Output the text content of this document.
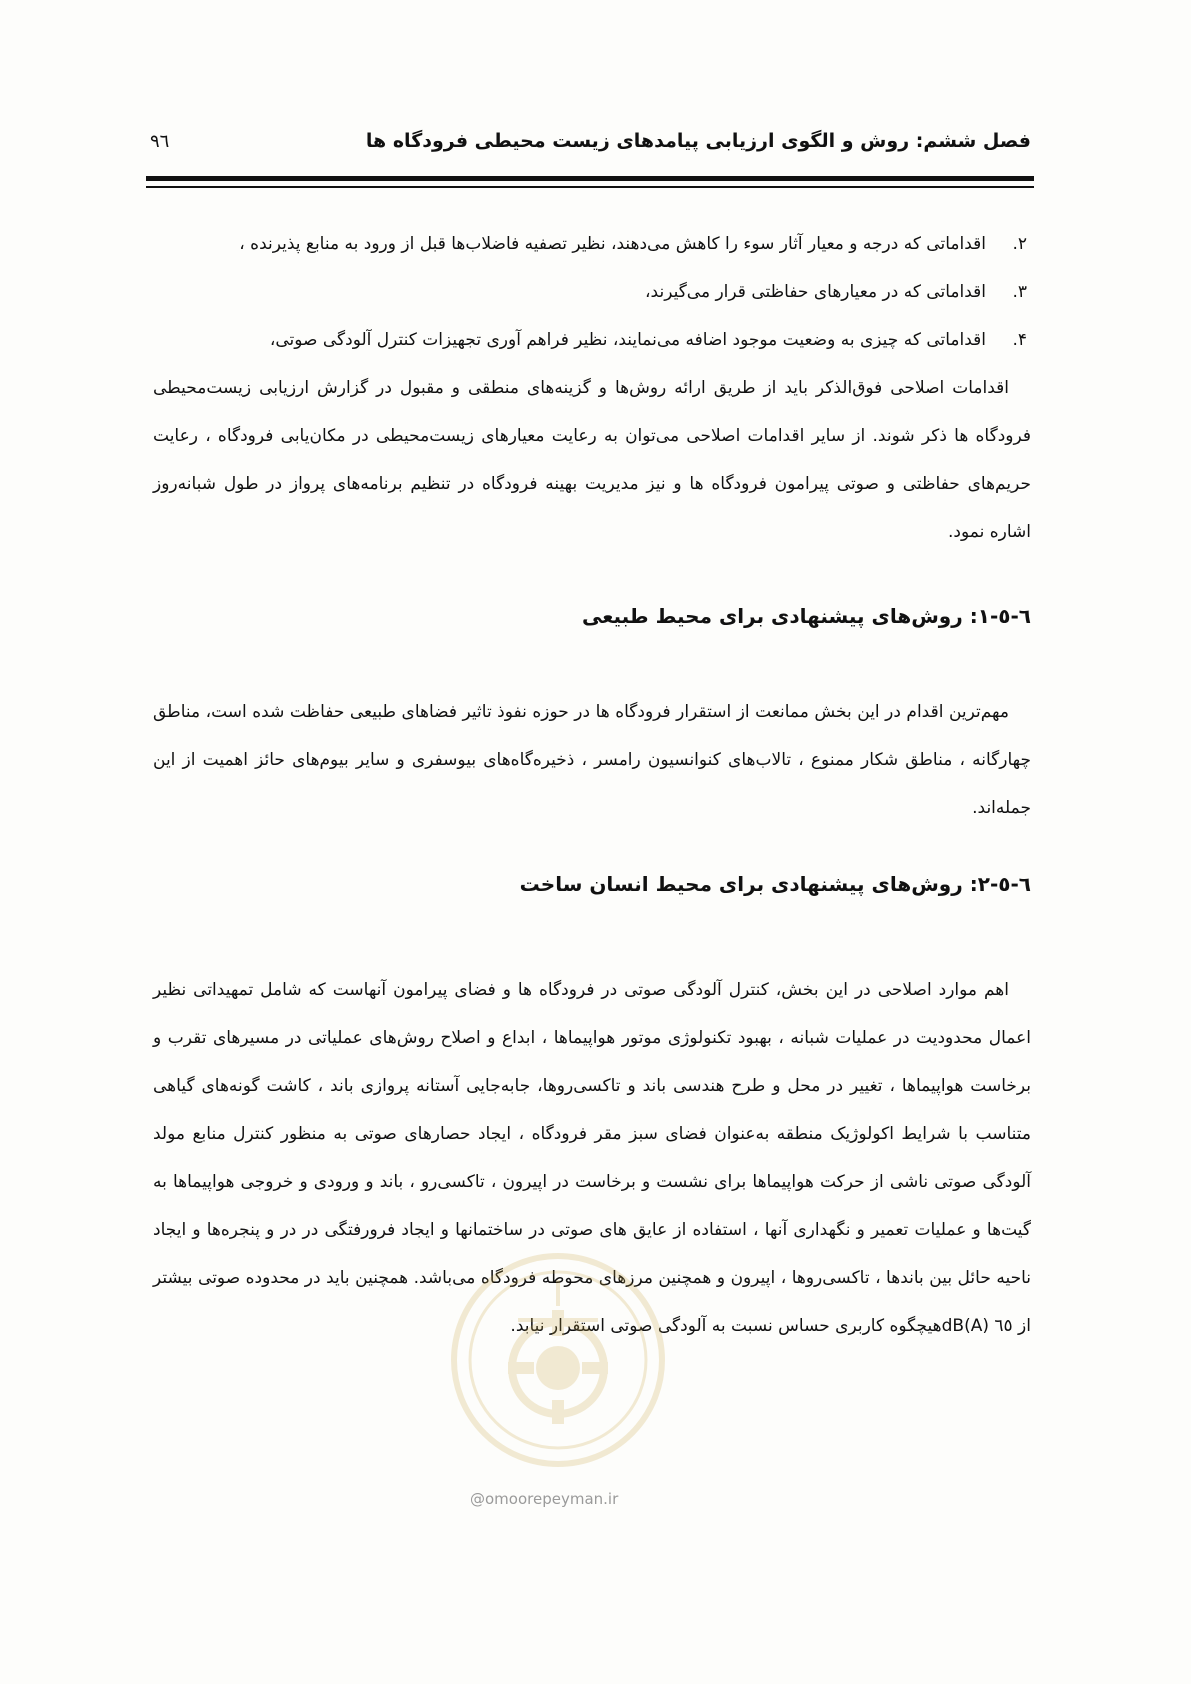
فصل ششم: روش و الگوی ارزیابی پیامدهای زیست محیطی فرودگاه ها
۹٦
۲.
اقداماتی که درجه و معیار آثار سوء را کاهش می‌دهند، نظیر تصفیه فاضلاب‌ها قبل از ورود به منابع پذیرنده ،
۳.
اقداماتی که در معیارهای حفاظتی قرار می‌گیرند،
۴.
اقداماتی که چیزی به وضعیت موجود اضافه می‌نمایند، نظیر فراهم آوری تجهیزات کنترل آلودگی صوتی،

اقدامات اصلاحی فوق‌الذکر باید از طریق ارائه روش‌ها و گزینه‌های منطقی و مقبول در گزارش ارزیابی زیست‌محیطی فرودگاه ها ذکر شوند. از سایر اقدامات اصلاحی می‌توان به رعایت معیارهای زیست‌محیطی در مکان‌یابی فرودگاه ، رعایت حریم‌های حفاظتی و صوتی پیرامون فرودگاه ها و نیز مدیریت بهینه فرودگاه در تنظیم برنامه‌های پرواز در طول شبانه‌روز اشاره نمود.

٦-٥-١: روش‌های پیشنهادی برای محیط طبیعی

مهم‌ترین اقدام در این بخش ممانعت از استقرار فرودگاه ها در حوزه نفوذ تاثیر فضاهای طبیعی حفاظت شده است، مناطق چهارگانه ، مناطق شکار ممنوع ، تالاب‌های کنوانسیون رامسر ، ذخیره‌گاه‌های بیوسفری و سایر بیوم‌های حائز اهمیت از این جمله‌اند.

٦-٥-٢: روش‌های پیشنهادی برای محیط انسان ساخت

اهم موارد اصلاحی در این بخش، کنترل آلودگی صوتی در فرودگاه ها و فضای پیرامون آنهاست که شامل تمهیداتی نظیر اعمال محدودیت در عملیات شبانه ، بهبود تکنولوژی موتور هواپیماها ، ابداع و اصلاح روش‌های عملیاتی در مسیرهای تقرب و برخاست هواپیماها ، تغییر در محل و طرح هندسی باند و تاکسی‌روها، جابه‌جایی آستانه پروازی باند ، کاشت گونه‌های گیاهی متناسب با شرایط اکولوژیک منطقه به‌عنوان فضای سبز مقر فرودگاه ، ایجاد حصارهای صوتی به منظور کنترل منابع مولد آلودگی صوتی ناشی از حرکت هواپیماها برای نشست و برخاست در اپیرون ، تاکسی‌رو ، باند و ورودی و خروجی هواپیماها به گیت‌ها و عملیات تعمیر و نگهداری آنها ، استفاده از عایق های صوتی در ساختمانها و ایجاد فرورفتگی در در و پنجره‌ها و ایجاد ناحیه حائل بین باندها ، تاکسی‌روها ، اپیرون و همچنین مرزهای محوطه فرودگاه می‌باشد. همچنین باید در محدوده صوتی بیشتر از ٦٥ dB(A)هیچگوه کاربری حساس نسبت به آلودگی صوتی استقرار نیابد.

@omoorepeyman.ir
